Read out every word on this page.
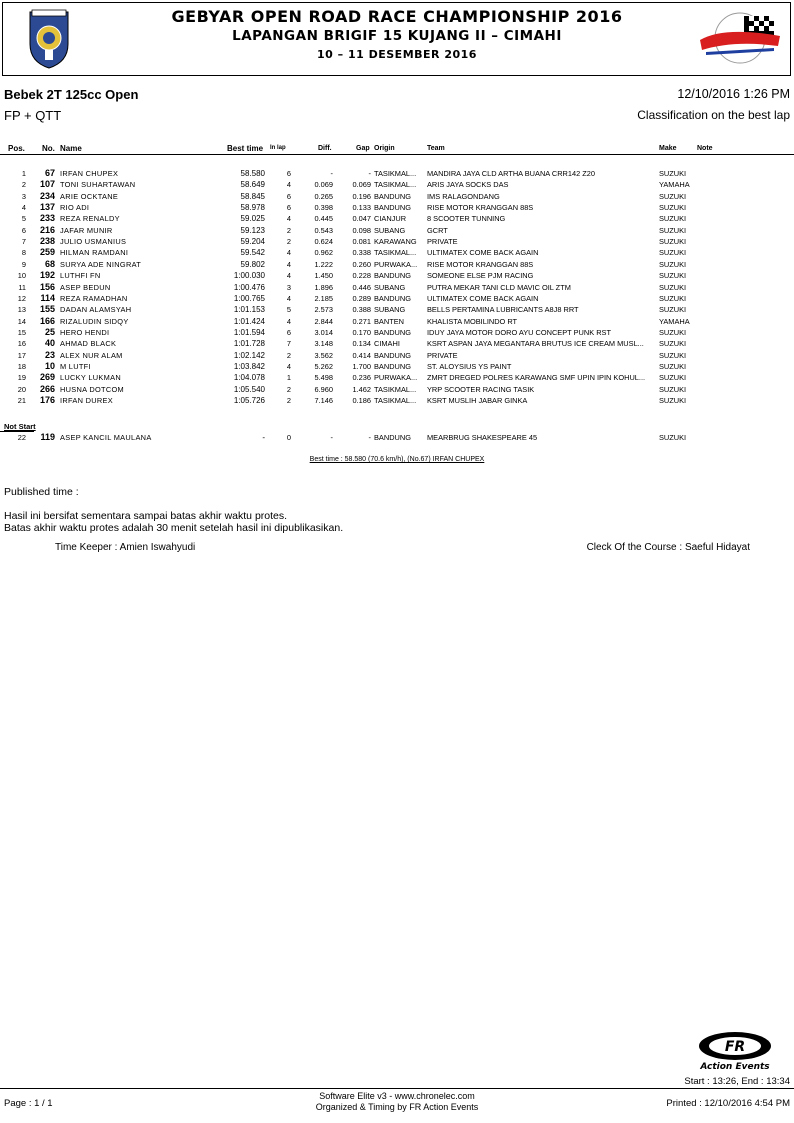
GEBYAR OPEN ROAD RACE CHAMPIONSHIP 2016
LAPANGAN BRIGIF 15 KUJANG II – CIMAHI
10 – 11 DESEMBER 2016
Bebek 2T 125cc Open
FP + QTT
12/10/2016 1:26 PM
Classification on the best lap
Pos. No. Name	Best time In lap	Diff.	Gap Origin	Team	Make	Note
1	67 IRFAN CHUPEX	58.580	6	-	- TASIKMAL...	MANDIRA JAYA CLD ARTHA BUANA CRR142 Z20	SUZUKI
2	107 TONI SUHARTAWAN	58.649	4	0.069	0.069 TASIKMAL...	ARIS JAYA SOCKS DAS	YAMAHA
3	234 ARIE OCKTANE	58.845	6	0.265	0.196 BANDUNG	IMS RALAGONDANG	SUZUKI
4	137 RIO ADI	58.978	6	0.398	0.133 BANDUNG	RISE MOTOR KRANGGAN 88S	SUZUKI
5	233 REZA RENALDY	59.025	4	0.445	0.047 CIANJUR	8 SCOOTER TUNNING	SUZUKI
6	216 JAFAR MUNIR	59.123	2	0.543	0.098 SUBANG	GCRT	SUZUKI
7	238 JULIO USMANIUS	59.204	2	0.624	0.081 KARAWANG	PRIVATE	SUZUKI
8	259 HILMAN RAMDANI	59.542	4	0.962	0.338 TASIKMAL...	ULTIMATEX COME BACK AGAIN	SUZUKI
9	68 SURYA ADE NINGRAT	59.802	4	1.222	0.260 PURWAKA...	RISE MOTOR KRANGGAN 88S	SUZUKI
10	192 LUTHFI FN	1:00.030	4	1.450	0.228 BANDUNG	SOMEONE ELSE PJM RACING	SUZUKI
11	156 ASEP BEDUN	1:00.476	3	1.896	0.446 SUBANG	PUTRA MEKAR TANI CLD MAVIC OIL ZTM	SUZUKI
12	114 REZA RAMADHAN	1:00.765	4	2.185	0.289 BANDUNG	ULTIMATEX COME BACK AGAIN	SUZUKI
13	155 DADAN ALAMSYAH	1:01.153	5	2.573	0.388 SUBANG	BELLS PERTAMINA LUBRICANTS A8J8 RRT	SUZUKI
14	166 RIZALUDIN SIDQY	1:01.424	4	2.844	0.271 BANTEN	KHALISTA MOBILINDO RT	YAMAHA
15	25 HERO HENDI	1:01.594	6	3.014	0.170 BANDUNG	IDUY JAYA MOTOR DORO AYU CONCEPT PUNK RST	SUZUKI
16	40 AHMAD BLACK	1:01.728	7	3.148	0.134 CIMAHI	KSRT ASPAN JAYA MEGANTARA BRUTUS ICE CREAM MUSL...	SUZUKI
17	23 ALEX NUR ALAM	1:02.142	2	3.562	0.414 BANDUNG	PRIVATE	SUZUKI
18	10 M LUTFI	1:03.842	4	5.262	1.700 BANDUNG	ST. ALOYSIUS YS PAINT	SUZUKI
19	269 LUCKY LUKMAN	1:04.078	1	5.498	0.236 PURWAKA...	ZMRT DREGED POLRES KARAWANG SMF UPIN IPIN KOHUL...	SUZUKI
20	266 HUSNA DOTCOM	1:05.540	2	6.960	1.462 TASIKMAL...	YRP SCOOTER RACING TASIK	SUZUKI
21	176 IRFAN DUREX	1:05.726	2	7.146	0.186 TASIKMAL...	KSRT MUSLIH JABAR GINKA	SUZUKI
Not Start
22	119 ASEP KANCIL MAULANA	-	0	-	- BANDUNG	MEARBRUG SHAKESPEARE 45	SUZUKI
Best time : 58.580 (70.6 km/h), (No.67) IRFAN CHUPEX
Published time :
Hasil ini bersifat sementara sampai batas akhir waktu protes.
Batas akhir waktu protes adalah 30 menit setelah hasil ini dipublikasikan.
Time Keeper : Amien Iswahyudi	Cleck Of the Course : Saeful Hidayat
FR
Action Events
Start : 13:26, End : 13:34
Page : 1 / 1
Software Elite v3 - www.chronelec.com
Organized & Timing by FR Action Events	Printed : 12/10/2016 4:54 PM
